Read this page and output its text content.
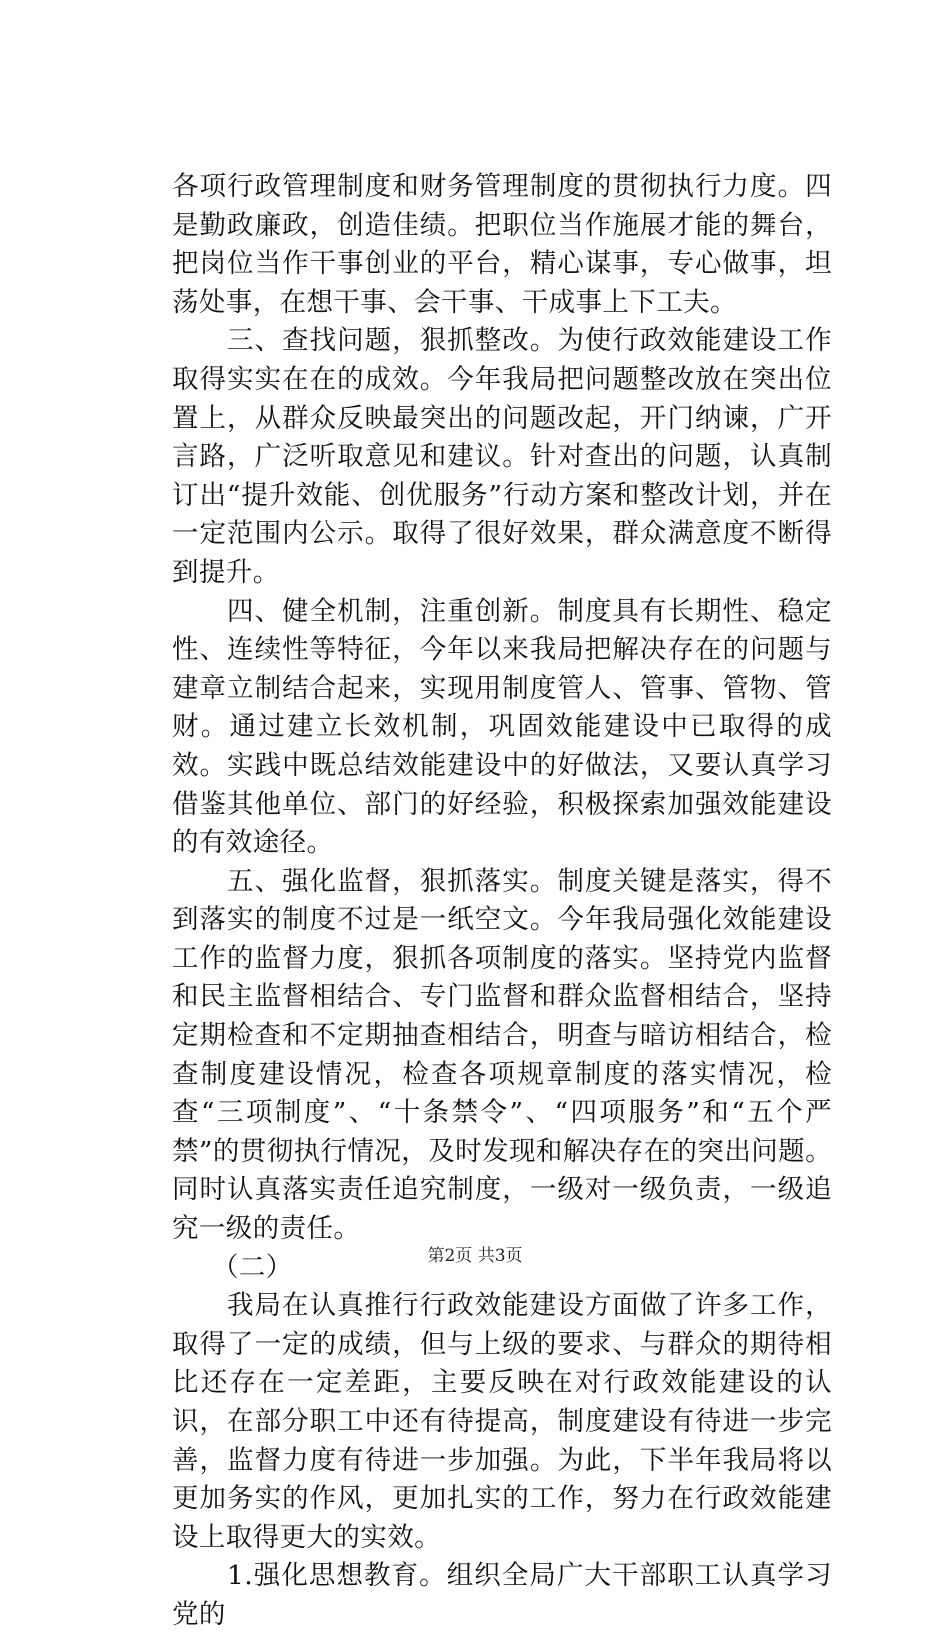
各项行政管理制度和财务管理制度的贯彻执行力度。四是勤政廉政，创造佳绩。把职位当作施展才能的舞台，把岗位当作干事创业的平台，精心谋事，专心做事，坦荡处事，在想干事、会干事、干成事上下工夫。

三、查找问题，狠抓整改。为使行政效能建设工作取得实实在在的成效。今年我局把问题整改放在突出位置上，从群众反映最突出的问题改起，开门纳谏，广开言路，广泛听取意见和建议。针对查出的问题，认真制订出“提升效能、创优服务”行动方案和整改计划，并在一定范围内公示。取得了很好效果，群众满意度不断得到提升。

四、健全机制，注重创新。制度具有长期性、稳定性、连续性等特征，今年以来我局把解决存在的问题与建章立制结合起来，实现用制度管人、管事、管物、管财。通过建立长效机制，巩固效能建设中已取得的成效。实践中既总结效能建设中的好做法，又要认真学习借鉴其他单位、部门的好经验，积极探索加强效能建设的有效途径。

五、强化监督，狠抓落实。制度关键是落实，得不到落实的制度不过是一纸空文。今年我局强化效能建设工作的监督力度，狠抓各项制度的落实。坚持党内监督和民主监督相结合、专门监督和群众监督相结合，坚持定期检查和不定期抽查相结合，明查与暗访相结合，检查制度建设情况，检查各项规章制度的落实情况，检查“三项制度”、“十条禁令”、“四项服务”和“五个严禁”的贯彻执行情况，及时发现和解决存在的突出问题。同时认真落实责任追究制度，一级对一级负责，一级追究一级的责任。

（二）

我局在认真推行行政效能建设方面做了许多工作，取得了一定的成绩，但与上级的要求、与群众的期待相比还存在一定差距，主要反映在对行政效能建设的认识，在部分职工中还有待提高，制度建设有待进一步完善，监督力度有待进一步加强。为此，下半年我局将以更加务实的作风，更加扎实的工作，努力在行政效能建设上取得更大的实效。

1.强化思想教育。组织全局广大干部职工认真学习党的

第2页 共3页
